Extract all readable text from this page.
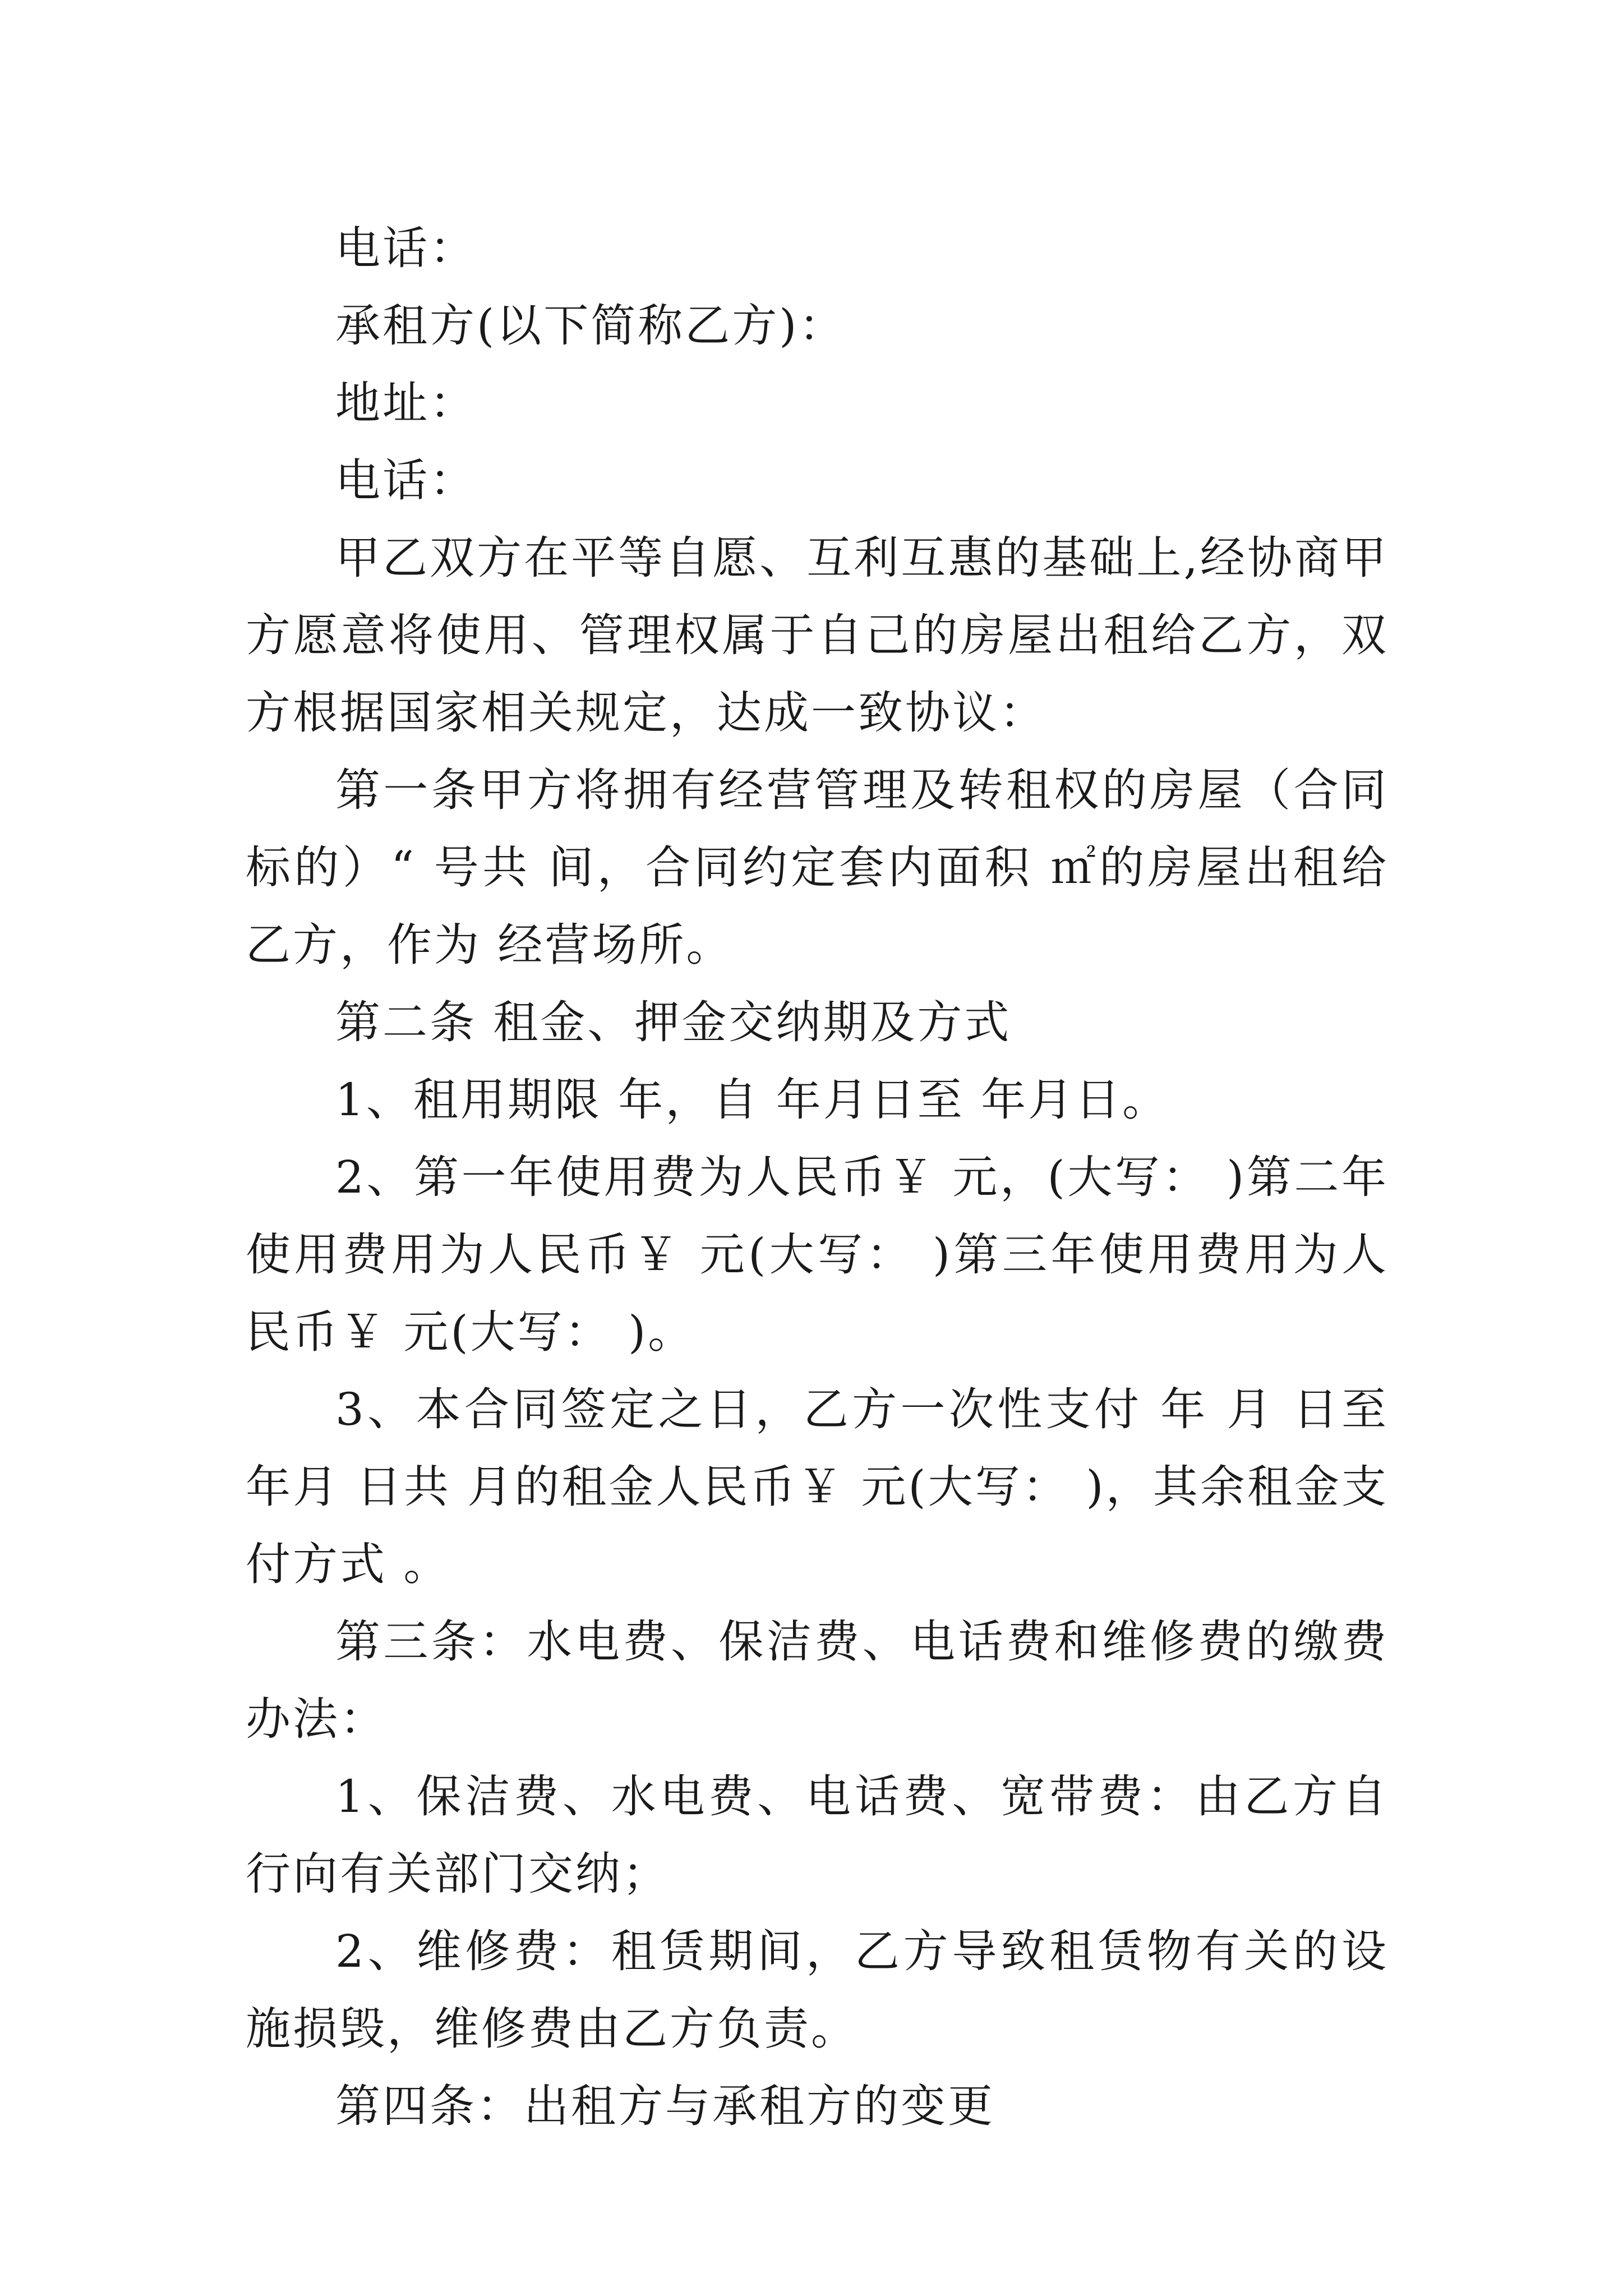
电话：

承租方(以下简称乙方)：

地址：

电话：

甲乙双方在平等自愿、互利互惠的基础上,经协商甲方愿意将使用、管理权属于自己的房屋出租给乙方，双方根据国家相关规定，达成一致协议：

第一条甲方将拥有经营管理及转租权的房屋（合同标的）“ 号共 间，合同约定套内面积 ㎡的房屋出租给乙方，作为 经营场所。

第二条 租金、押金交纳期及方式

1、租用期限 年，自 年月日至 年月日。

2、第一年使用费为人民币￥ 元，(大写： )第二年使用费用为人民币￥ 元(大写： )第三年使用费用为人民币￥ 元(大写： )。

3、本合同签定之日，乙方一次性支付 年 月 日至 年月 日共 月的租金人民币￥ 元(大写： )，其余租金支付方式 。

第三条：水电费、保洁费、电话费和维修费的缴费办法：

1、保洁费、水电费、电话费、宽带费：由乙方自行向有关部门交纳；

2、维修费：租赁期间，乙方导致租赁物有关的设施损毁，维修费由乙方负责。

第四条：出租方与承租方的变更
